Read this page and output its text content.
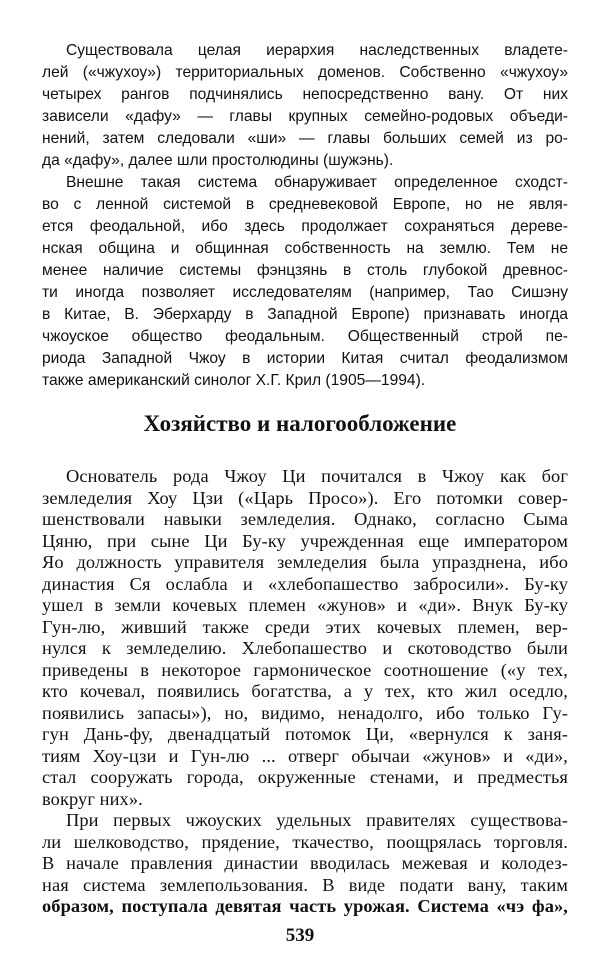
Существовала целая иерархия наследственных владете-
лей («чжухоу») территориальных доменов. Собственно «чжухоу»
четырех рангов подчинялись непосредственно вану. От них
зависели «дафу» — главы крупных семейно-родовых объеди-
нений, затем следовали «ши» — главы больших семей из ро-
да «дафу», далее шли простолюдины (шужэнь).
Внешне такая система обнаруживает определенное сходст-
во с ленной системой в средневековой Европе, но не явля-
ется феодальной, ибо здесь продолжает сохраняться дереве-
нская община и общинная собственность на землю. Тем не
менее наличие системы фэнцзянь в столь глубокой древнос-
ти иногда позволяет исследователям (например, Тао Сишэну
в Китае, В. Эберхарду в Западной Европе) признавать иногда
чжоуское общество феодальным. Общественный строй пе-
риода Западной Чжоу в истории Китая считал феодализмом
также американский синолог Х.Г. Крил (1905—1994).
Хозяйство и налогообложение
Основатель рода Чжоу Ци почитался в Чжоу как бог
земледелия Хоу Цзи («Царь Просо»). Его потомки совер-
шенствовали навыки земледелия. Однако, согласно Сыма
Цяню, при сыне Ци Бу-ку учрежденная еще императором
Яо должность управителя земледелия была упразднена, ибо
династия Ся ослабла и «хлебопашество забросили». Бу-ку
ушел в земли кочевых племен «жунов» и «ди». Внук Бу-ку
Гун-лю, живший также среди этих кочевых племен, вер-
нулся к земледелию. Хлебопашество и скотоводство были
приведены в некоторое гармоническое соотношение («у тех,
кто кочевал, появились богатства, а у тех, кто жил оседло,
появились запасы»), но, видимо, ненадолго, ибо только Гу-
гун Дань-фу, двенадцатый потомок Ци, «вернулся к заня-
тиям Хоу-цзи и Гун-лю ... отверг обычаи «жунов» и «ди»,
стал сооружать города, окруженные стенами, и предместья
вокруг них».
При первых чжоуских удельных правителях существова-
ли шелководство, прядение, ткачество, поощрялась торговля.
В начале правления династии вводилась межевая и колодез-
ная система землепользования. В виде подати вану, таким
образом, поступала девятая часть урожая. Система «чэ фа»,
539
